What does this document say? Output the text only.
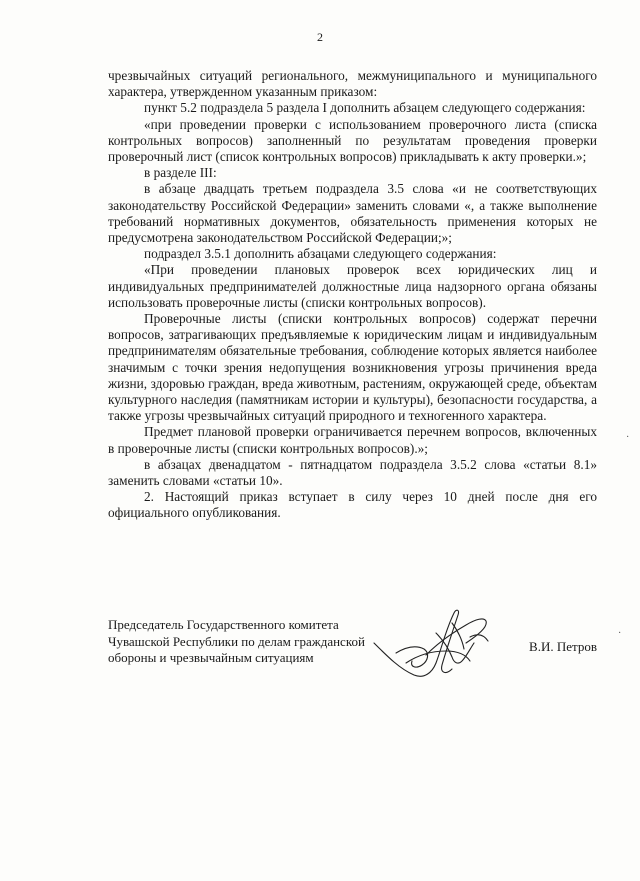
2

чрезвычайных ситуаций регионального, межмуниципального и муниципального характера, утвержденном указанным приказом:

пункт 5.2 подраздела 5 раздела I дополнить абзацем следующего содержания:

«при проведении проверки с использованием проверочного листа (списка контрольных вопросов) заполненный по результатам проведения проверки проверочный лист (список контрольных вопросов) прикладывать к акту проверки.»;

в разделе III:

в абзаце двадцать третьем подраздела 3.5 слова «и не соответствующих законодательству Российской Федерации» заменить словами «, а также выполнение требований нормативных документов, обязательность применения которых не предусмотрена законодательством Российской Федерации;»;

подраздел 3.5.1 дополнить абзацами следующего содержания:

«При проведении плановых проверок всех юридических лиц и индивидуальных предпринимателей должностные лица надзорного органа обязаны использовать проверочные листы (списки контрольных вопросов).

Проверочные листы (списки контрольных вопросов) содержат перечни вопросов, затрагивающих предъявляемые к юридическим лицам и индивидуальным предпринимателям обязательные требования, соблюдение которых является наиболее значимым с точки зрения недопущения возникновения угрозы причинения вреда жизни, здоровью граждан, вреда животным, растениям, окружающей среде, объектам культурного наследия (памятникам истории и культуры), безопасности государства, а также угрозы чрезвычайных ситуаций природного и техногенного характера.

Предмет плановой проверки ограничивается перечнем вопросов, включенных в проверочные листы (списки контрольных вопросов).»;

в абзацах двенадцатом - пятнадцатом подраздела 3.5.2 слова «статьи 8.1» заменить словами «статьи 10».

2. Настоящий приказ вступает в силу через 10 дней после дня его официального опубликования.

Председатель Государственного комитета
Чувашской Республики по делам гражданской
обороны и чрезвычайным ситуациям
В.И. Петров
·
·
